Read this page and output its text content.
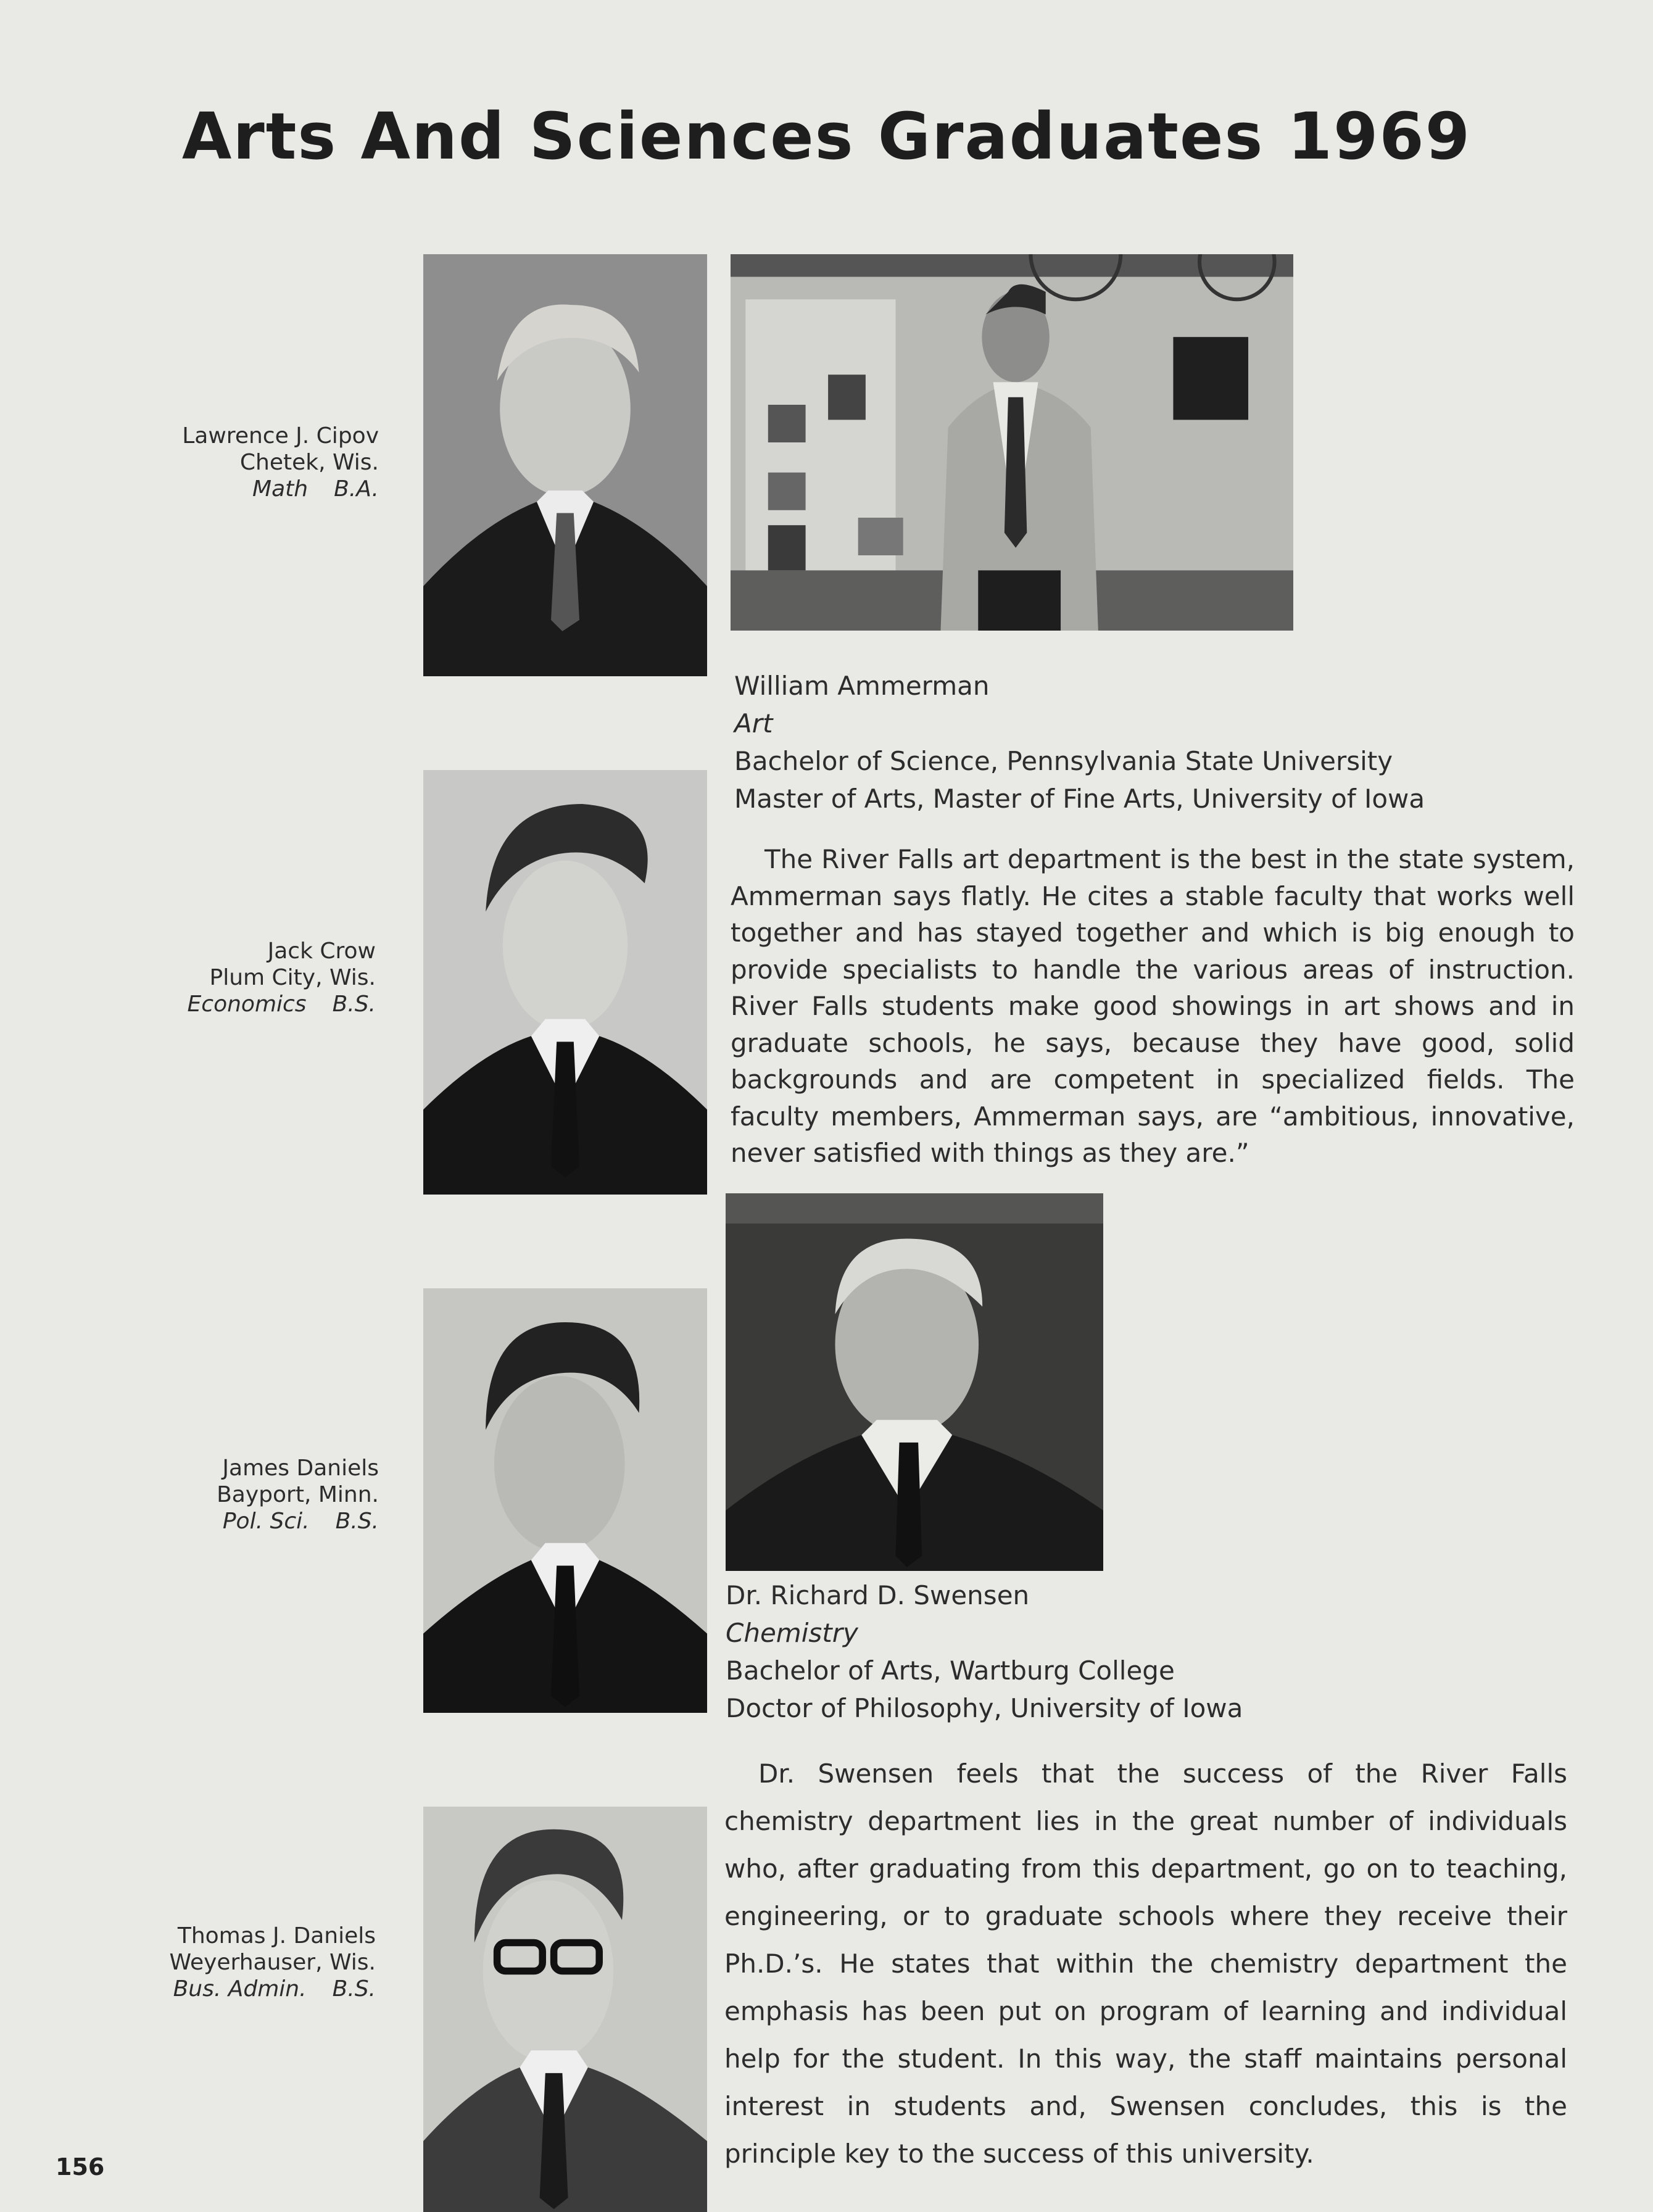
Arts And Sciences Graduates 1969
Lawrence J. Cipov
Chetek, Wis.
Math B.A.
Jack Crow
Plum City, Wis.
Economics B.S.
James Daniels
Bayport, Minn.
Pol. Sci. B.S.
Thomas J. Daniels
Weyerhauser, Wis.
Bus. Admin. B.S.
William Ammerman
Art
Bachelor of Science, Pennsylvania State University
Master of Arts, Master of Fine Arts, University of Iowa
The River Falls art department is the best in the state system, Ammerman says flatly. He cites a stable faculty that works well together and has stayed together and which is big enough to provide specialists to handle the various areas of instruction. River Falls students make good showings in art shows and in graduate schools, he says, because they have good, solid backgrounds and are competent in specialized fields. The faculty members, Ammerman says, are “ambitious, innovative, never satisfied with things as they are.”
Dr. Richard D. Swensen
Chemistry
Bachelor of Arts, Wartburg College
Doctor of Philosophy, University of Iowa
Dr. Swensen feels that the success of the River Falls chemistry department lies in the great number of individuals who, after graduating from this department, go on to teaching, engineering, or to graduate schools where they receive their Ph.D.’s. He states that within the chemistry department the emphasis has been put on program of learning and individual help for the student. In this way, the staff maintains personal interest in students and, Swensen concludes, this is the principle key to the success of this university.
156
